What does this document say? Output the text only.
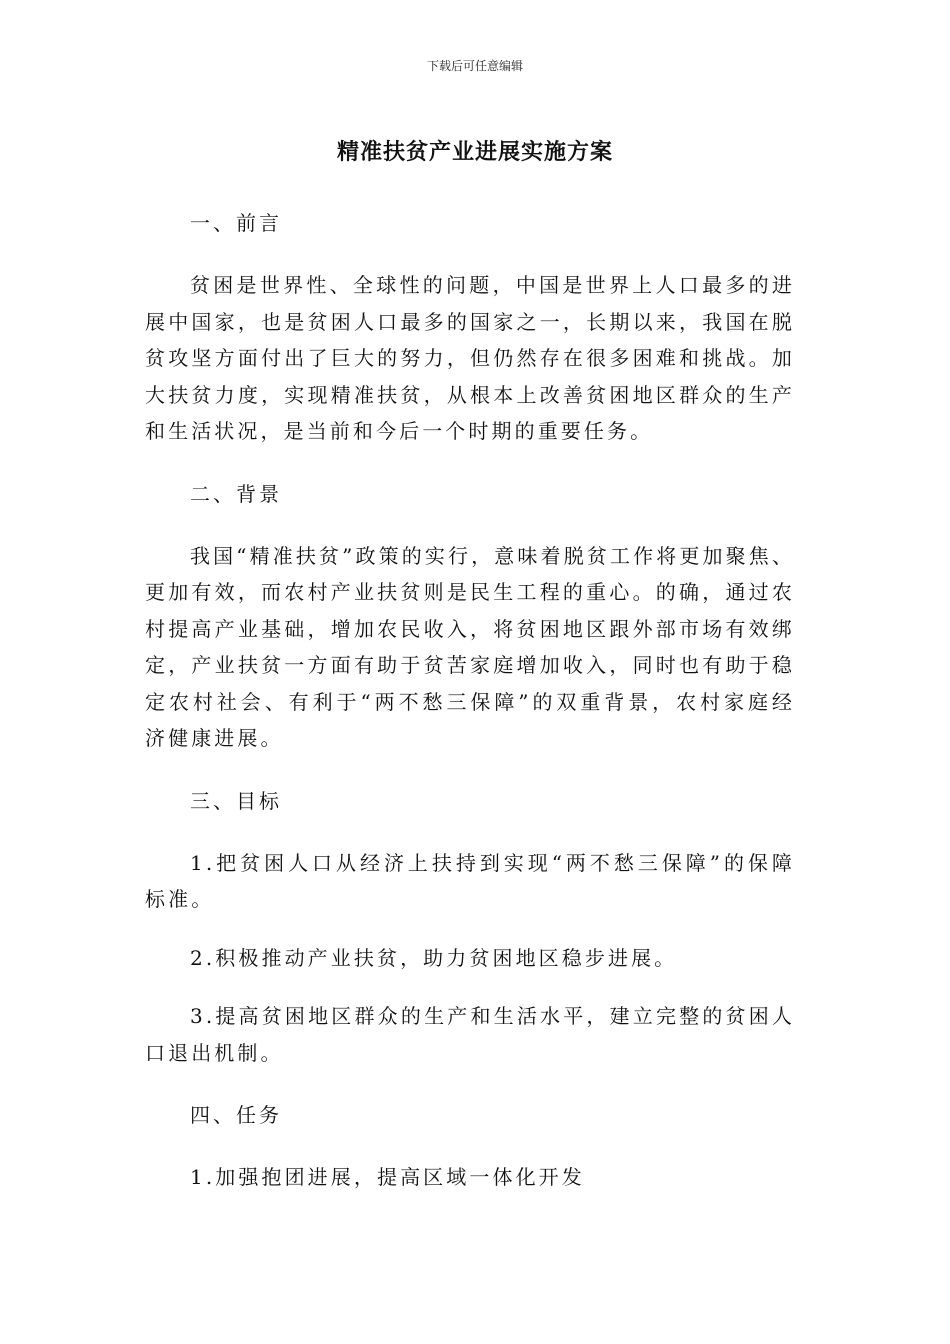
下载后可任意编辑
精准扶贫产业进展实施方案

一、前言

贫困是世界性、全球性的问题，中国是世界上人口最多的进展中国家，也是贫困人口最多的国家之一，长期以来，我国在脱贫攻坚方面付出了巨大的努力，但仍然存在很多困难和挑战。加大扶贫力度，实现精准扶贫，从根本上改善贫困地区群众的生产和生活状况，是当前和今后一个时期的重要任务。

二、背景

我国“精准扶贫”政策的实行，意味着脱贫工作将更加聚焦、更加有效，而农村产业扶贫则是民生工程的重心。的确，通过农村提高产业基础，增加农民收入，将贫困地区跟外部市场有效绑定，产业扶贫一方面有助于贫苦家庭增加收入，同时也有助于稳定农村社会、有利于“两不愁三保障”的双重背景，农村家庭经济健康进展。

三、目标

1.把贫困人口从经济上扶持到实现“两不愁三保障”的保障标准。

2.积极推动产业扶贫，助力贫困地区稳步进展。

3.提高贫困地区群众的生产和生活水平，建立完整的贫困人口退出机制。

四、任务

1.加强抱团进展，提高区域一体化开发
